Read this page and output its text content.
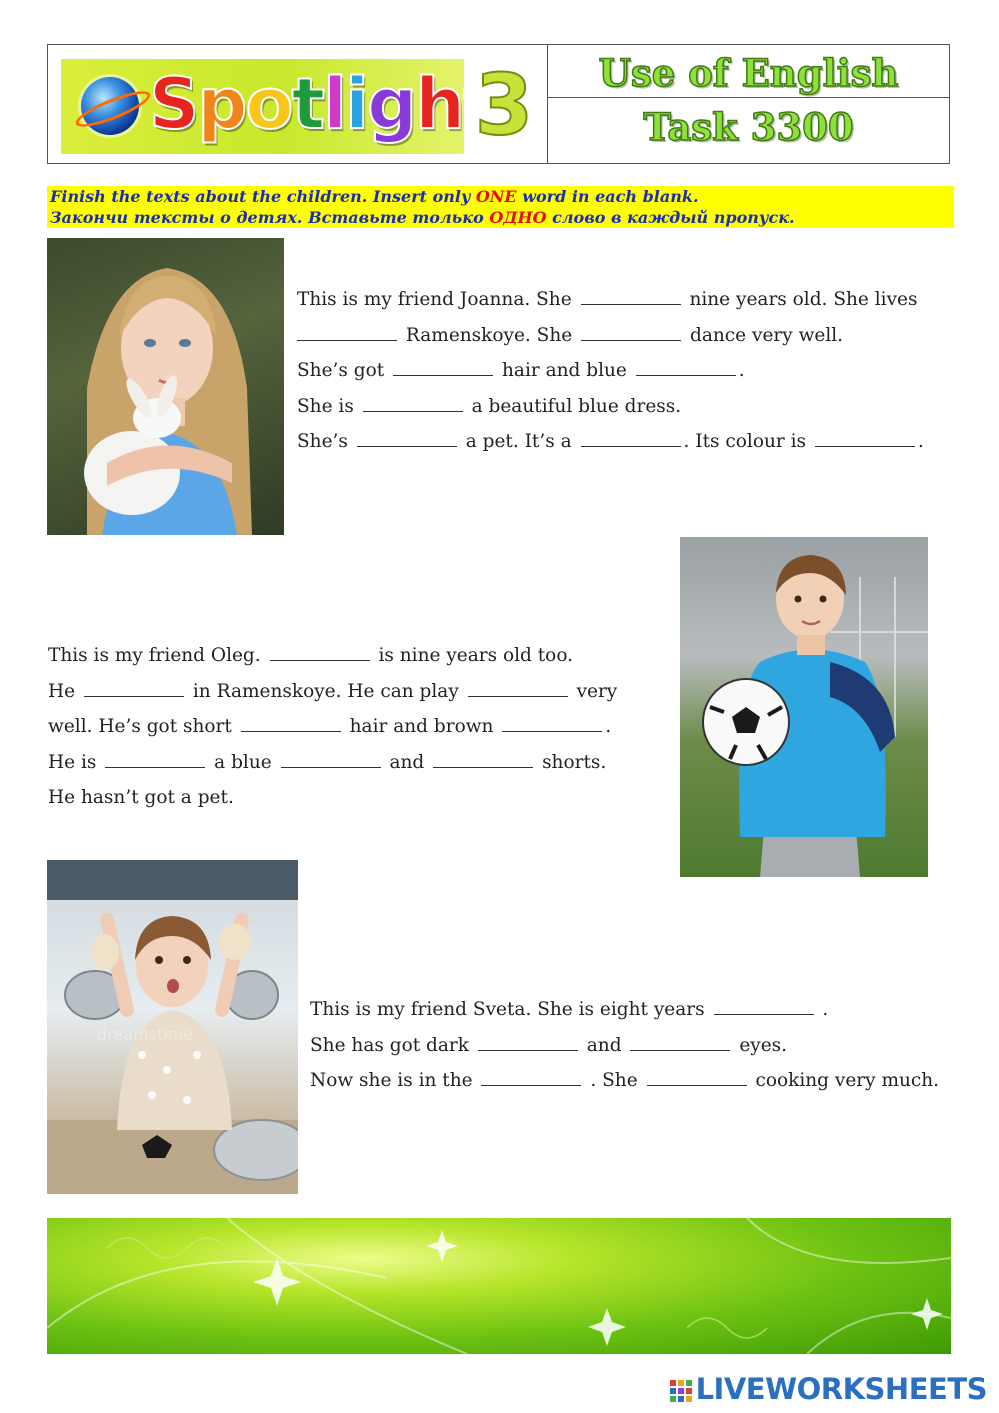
Spotligh 3	Use of English
Task 3300
Finish the texts about the children. Insert only ONE word in each blank.
Закончи тексты о детях. Вставьте только ОДНО слово в каждый пропуск.
This is my friend Joanna. She	nine years old. She lives
Ramenskoye. She	dance very well.
She’s got	hair and blue	.
She is	a beautiful blue dress.
She’s	a pet. It’s a	. Its colour is	.
This is my friend Oleg.	is nine years old too.
He	in Ramenskoye. He can play	very
well. He’s got short	hair and brown	.
He is	a blue	and	shorts.
He hasn’t got a pet.
dreamstime
This is my friend Sveta. She is eight years	.
She has got dark	and	eyes.
Now she is in the	. She	cooking very much.
LIVEWORKSHEETS
